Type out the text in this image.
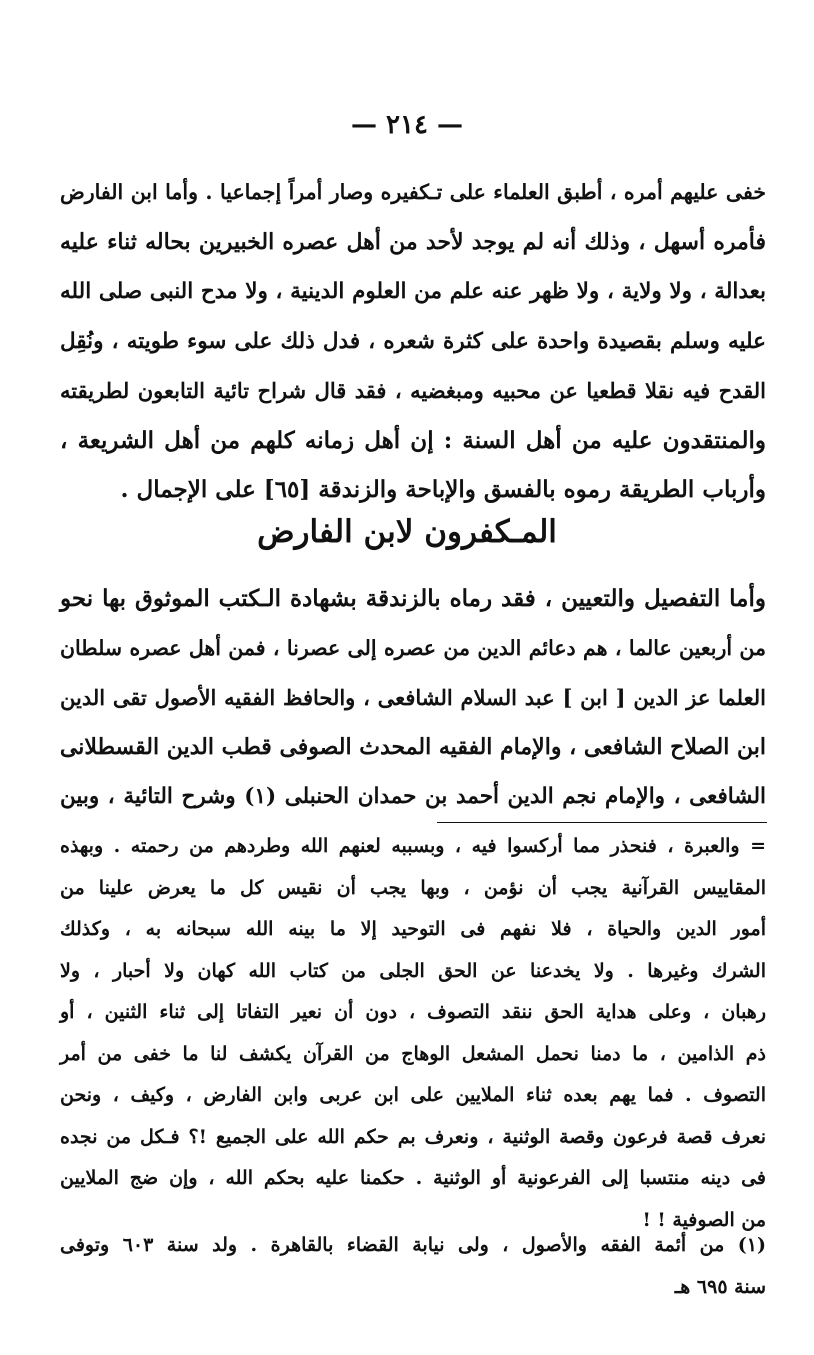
— ٢١٤ —
خفى عليهم أمره ، أطبق العلماء على تـكفيره وصار أمراً إجماعيا . وأما ابن الفارض
فأمره أسهل ، وذلك أنه لم يوجد لأحد من أهل عصره الخبيرين بحاله ثناء عليه
بعدالة ، ولا ولاية ، ولا ظهر عنه علم من العلوم الدينية ، ولا مدح النبى صلى الله
عليه وسلم بقصيدة واحدة على كثرة شعره ، فدل ذلك على سوء طويته ، ونُقِل
القدح فيه نقلا قطعيا عن محبيه ومبغضيه ، فقد قال شراح تائية التابعون لطريقته
والمنتقدون عليه من أهل السنة : إن أهل زمانه كلهم من أهل الشريعة ،
وأرباب الطريقة رموه بالفسق والإباحة والزندقة [٦٥] على الإجمال .
المـكفرون لابن الفارض
وأما التفصيل والتعيين ، فقد رماه بالزندقة بشهادة الـكتب الموثوق بها نحو
من أربعين عالما ، هم دعائم الدين من عصره إلى عصرنا ، فمن أهل عصره سلطان
العلما عز الدين [ ابن ] عبد السلام الشافعى ، والحافظ الفقيه الأصول تقى الدين
ابن الصلاح الشافعى ، والإمام الفقيه المحدث الصوفى قطب الدين القسطلانى
الشافعى ، والإمام نجم الدين أحمد بن حمدان الحنبلى (١) وشرح التائية ، وبين
= والعبرة ، فنحذر مما أركسوا فيه ، وبسببه لعنهم الله وطردهم من رحمته . وبهذه
المقاييس القرآنية يجب أن نؤمن ، وبها يجب أن نقيس كل ما يعرض علينا من
أمور الدين والحياة ، فلا نفهم فى التوحيد إلا ما بينه الله سبحانه به ، وكذلك
الشرك وغيرها . ولا يخدعنا عن الحق الجلى من كتاب الله كهان ولا أحبار ، ولا
رهبان ، وعلى هداية الحق ننقد التصوف ، دون أن نعير التفاتا إلى ثناء الثنين ، أو
ذم الذامين ، ما دمنا نحمل المشعل الوهاج من القرآن يكشف لنا ما خفى من أمر
التصوف . فما يهم بعده ثناء الملايين على ابن عربى وابن الفارض ، وكيف ، ونحن
نعرف قصة فرعون وقصة الوثنية ، ونعرف بم حكم الله على الجميع !؟ فـكل من نجده
فى دينه منتسبا إلى الفرعونية أو الوثنية . حكمنا عليه بحكم الله ، وإن ضج الملايين
من الصوفية ! !
(١) من أئمة الفقه والأصول ، ولى نيابة القضاء بالقاهرة . ولد سنة ٦٠٣ وتوفى
سنة ٦٩٥ هـ
